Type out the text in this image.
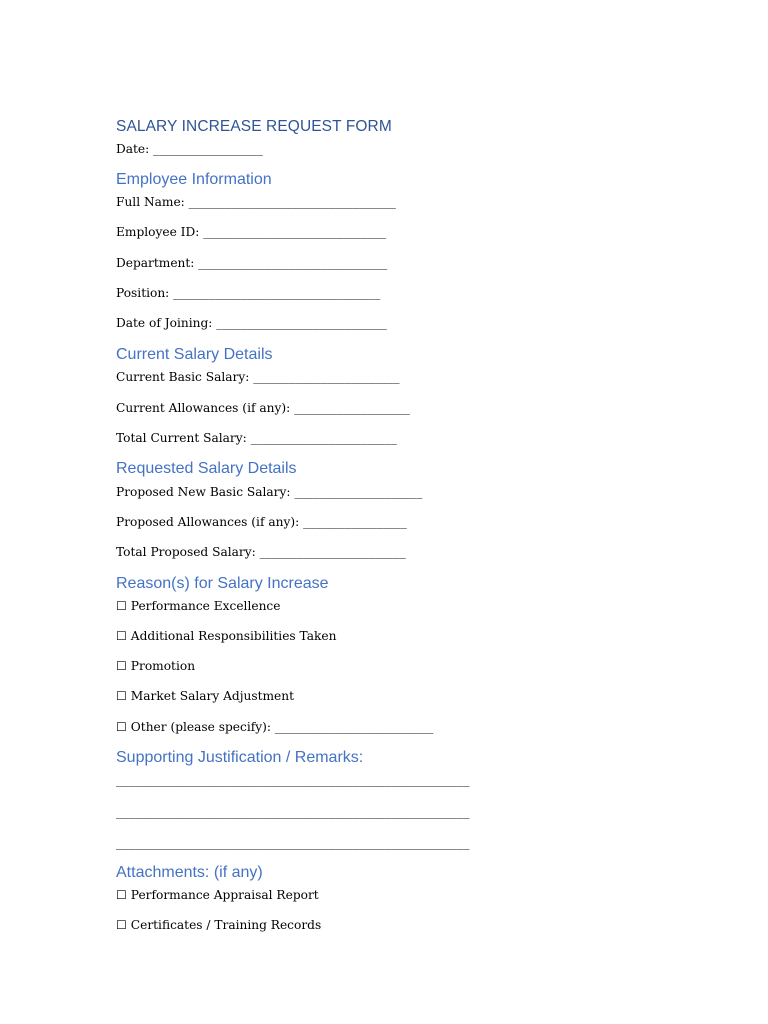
SALARY INCREASE REQUEST FORM
Date: __________________
Employee Information
Full Name: __________________________________
Employee ID: ______________________________
Department: _______________________________
Position: __________________________________
Date of Joining: ____________________________
Current Salary Details
Current Basic Salary: ________________________
Current Allowances (if any): ___________________
Total Current Salary: ________________________
Requested Salary Details
Proposed New Basic Salary: _____________________
Proposed Allowances (if any): _________________
Total Proposed Salary: ________________________
Reason(s) for Salary Increase
☐ Performance Excellence
☐ Additional Responsibilities Taken
☐ Promotion
☐ Market Salary Adjustment
☐ Other (please specify): __________________________
Supporting Justification / Remarks:
__________________________________________________________
__________________________________________________________
__________________________________________________________
Attachments: (if any)
☐ Performance Appraisal Report
☐ Certificates / Training Records
